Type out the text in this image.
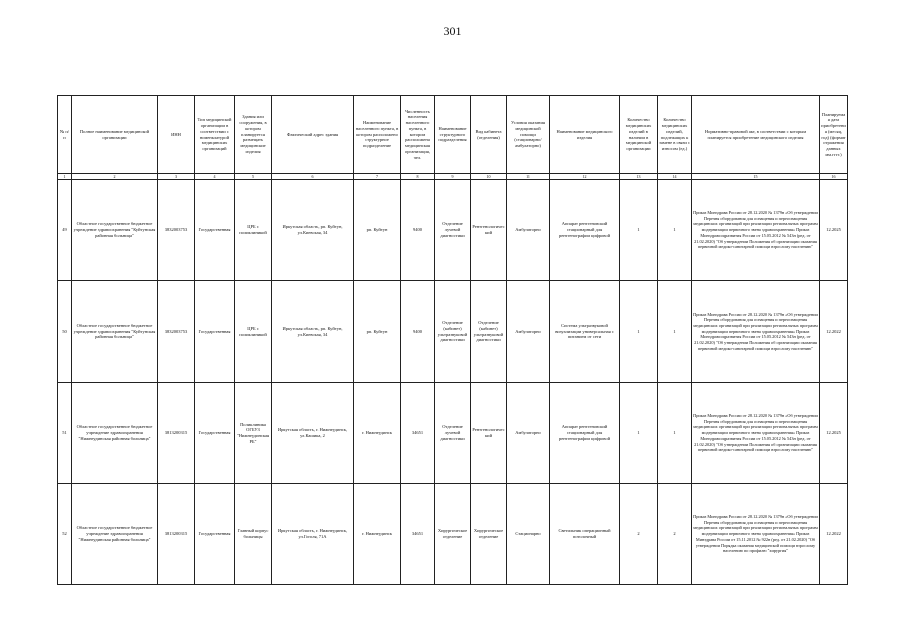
301
№ п/п	Полное наименование медицинской организации	ИНН	Тип медицинской организации в соответствии с номенклатурой медицинских организаций	Здания или сооружения, в котором планируется размещать медицинские изделия	Фактический адрес здания	Наименование населенного пункта, в котором расположено структурное подразделение	Численность населения населенного пункта, в котором расположена медицинская организация, чел.	Наименование структурного подразделения	Вид кабинета (отделения)	Условия оказания медицинской помощи (стационарно/амбулаторно)	Наименование медицинского изделия	Количество медицинских изделий в наличии в медицинской организации	Количество медицинских изделий, подлежащих к замене в связи с износом (ед.)	Нормативно-правовой акт, в соответствии с которым планируется приобретение медицинского изделия	Планируемая дата приобретения (месяц, год) (формат отражения данных мм.гггг.)
1	2	3	4	5	6	7	8	9	10	11	12	13	14	15	16
49	Областное государственное бюджетное учреждение здравоохранения "Куйтунская районная больница"	3832003753	Государственная	ЦРБ с поликлиникой	Иркутская область, рп. Куйтун, ул.Киевская, 34	рп. Куйтун	9400	Отделение лучевой диагностики	Рентгенологический	Амбулаторно	Аппарат рентгеновский стационарный для рентгенографии цифровой	1	1	Приказ Минздрава России от 28.12.2020 № 1379н «Об утверждении Перечня оборудования для оснащения и переоснащения медицинских организаций при реализации региональных программ модернизации первичного звена здравоохранения» Приказ Минздравсоцразвития России от 15.05.2012 № 543н (ред. от 21.02.2020) "Об утверждении Положения об организации оказания первичной медико-санитарной помощи взрослому населению"	12.2025
50	Областное государственное бюджетное учреждение здравоохранения "Куйтунская районная больница"	3832003753	Государственная	ЦРБ с поликлиникой	Иркутская область, рп. Куйтун, ул.Киевская, 34	рп. Куйтун	9400	Отделение (кабинет) ультразвуковой диагностики	Отделение (кабинет) ультразвуковой диагностики	Амбулаторно	Система ультразвуковой визуализации универсальная с питанием от сети	1	1	Приказ Минздрава России от 28.12.2020 № 1379н «Об утверждении Перечня оборудования для оснащения и переоснащения медицинских организаций при реализации региональных программ модернизации первичного звена здравоохранения» Приказ Минздравсоцразвития России от 15.05.2012 № 543н (ред. от 21.02.2020) "Об утверждении Положения об организации оказания первичной медико-санитарной помощи взрослому населению"	12.2022
51	Областное государственное бюджетное учреждение здравоохранения "Нижнеудинская районная больница"	3813200315	Государственная	Поликлиника ОГБУЗ "Нижнеудинская РБ"	Иркутская область, г. Нижнеудинск, ул.Кашика, 2	г. Нижнеудинск	34651	Отделение лучевой диагностики	Рентгенологический	Амбулаторно	Аппарат рентгеновский стационарный для рентгенографии цифровой	1	1	Приказ Минздрава России от 28.12.2020 № 1379н «Об утверждении Перечня оборудования для оснащения и переоснащения медицинских организаций при реализации региональных программ модернизации первичного звена здравоохранения» Приказ Минздравсоцразвития России от 15.05.2012 № 543н (ред. от 21.02.2020) "Об утверждении Положения об организации оказания первичной медико-санитарной помощи взрослому населению"	12.2025
52	Областное государственное бюджетное учреждение здравоохранения "Нижнеудинская районная больница"	3813200315	Государственная	Главный корпус больницы	Иркутская область, г. Нижнеудинск, ул.Гоголя, 71А	г. Нижнеудинск	34651	Хирургическое отделение	Хирургическое отделение	Стационарно	Светильник операционный потолочный	2	2	Приказ Минздрава России от 28.12.2020 № 1379н «Об утверждении Перечня оборудования для оснащения и переоснащения медицинских организаций при реализации региональных программ модернизации первичного звена здравоохранения» Приказ Минздрава России от 15.11.2012 № 922н (ред. от 21.02.2020) "Об утверждении Порядка оказания медицинской помощи взрослому населению по профилю "хирургия"	12.2022
